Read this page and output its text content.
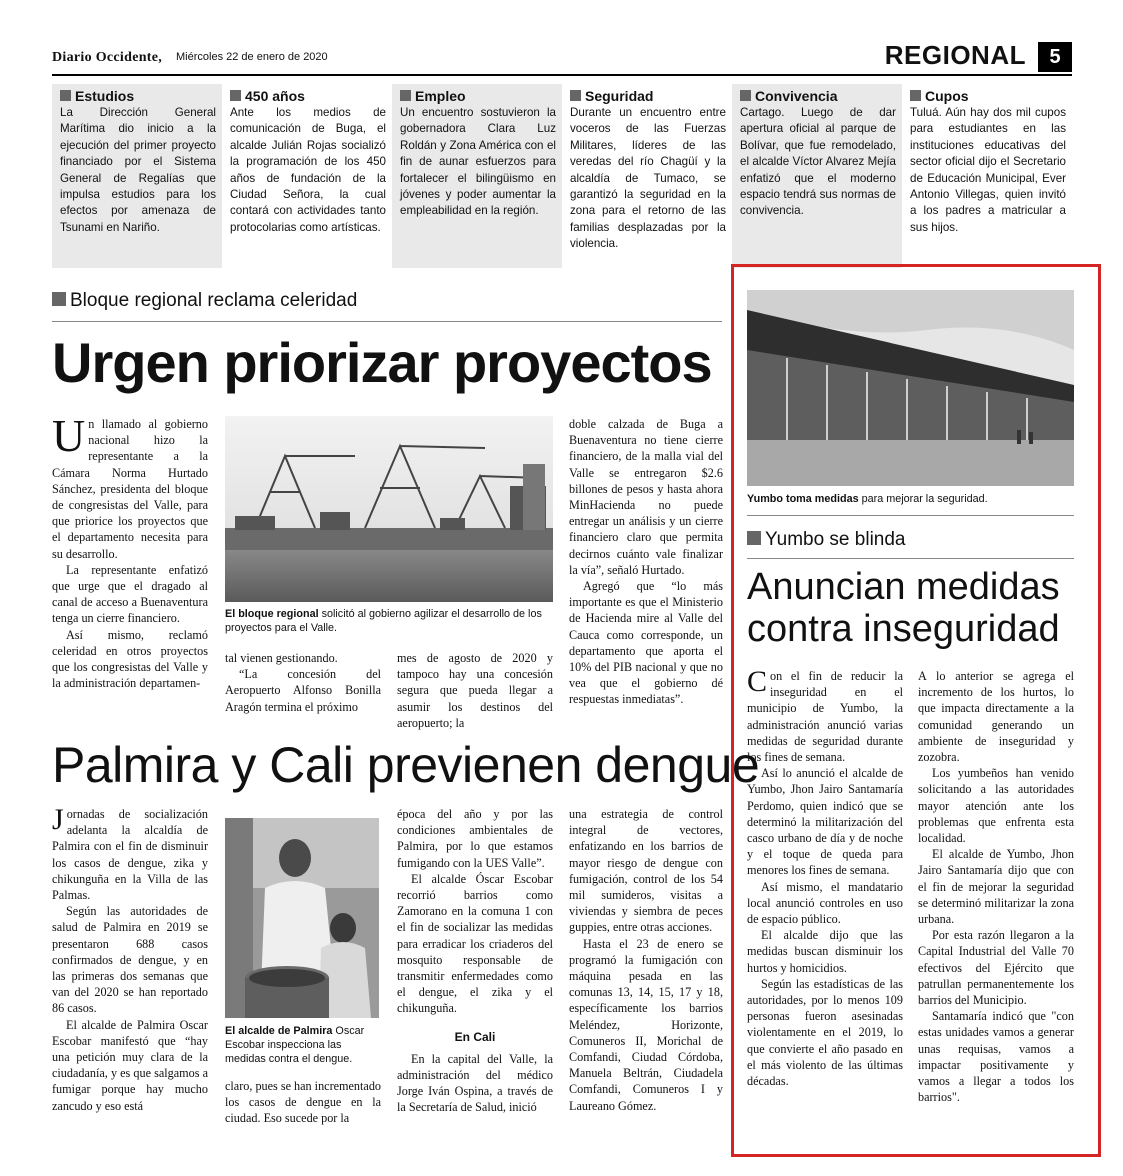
Diario Occidente, Miércoles 22 de enero de 2020	REGIONAL	5
Estudios

La Dirección General Marítima dio inicio a la ejecución del primer proyecto financiado por el Sistema General de Regalías que impulsa estudios para los efectos por amenaza de Tsunami en Nariño.

450 años

Ante los medios de comunicación de Buga, el alcalde Julián Rojas socializó la programación de los 450 años de fundación de la Ciudad Señora, la cual contará con actividades tanto protocolarias como artísticas.

Empleo

Un encuentro sostuvieron la gobernadora Clara Luz Roldán y Zona América con el fin de aunar esfuerzos para fortalecer el bilingüismo en jóvenes y poder aumentar la empleabilidad en la región.

Seguridad

Durante un encuentro entre voceros de las Fuerzas Militares, líderes de las veredas del río Chagüí y la alcaldía de Tumaco, se garantizó la seguridad en la zona para el retorno de las familias desplazadas por la violencia.

Convivencia

Cartago. Luego de dar apertura oficial al parque de Bolívar, que fue remodelado, el alcalde Víctor Alvarez Mejía enfatizó que el moderno espacio tendrá sus normas de convivencia.

Cupos

Tuluá. Aún hay dos mil cupos para estudiantes en las instituciones educativas del sector oficial dijo el Secretario de Educación Municipal, Ever Antonio Villegas, quien invitó a los padres a matricular a sus hijos.

Bloque regional reclama celeridad
Urgen priorizar proyectos

Un llamado al gobierno nacional hizo la representante a la Cámara Norma Hurtado Sánchez, presidenta del bloque de congresistas del Valle, para que priorice los proyectos que el departamento necesita para su desarrollo.

La representante enfatizó que urge que el dragado al canal de acceso a Buenaventura tenga un cierre financiero.

Así mismo, reclamó celeridad en otros proyectos que los congresistas del Valle y la administración departamen-

El bloque regional solicitó al gobierno agilizar el desarrollo de los proyectos para el Valle.

tal vienen gestionando.

“La concesión del Aeropuerto Alfonso Bonilla Aragón termina el próximo

mes de agosto de 2020 y tampoco hay una concesión segura que pueda llegar a asumir los destinos del aeropuerto; la

doble calzada de Buga a Buenaventura no tiene cierre financiero, de la malla vial del Valle se entregaron $2.6 billones de pesos y hasta ahora MinHacienda no puede entregar un análisis y un cierre financiero claro que permita decirnos cuánto vale finalizar la vía”, señaló Hurtado.

Agregó que “lo más importante es que el Ministerio de Hacienda mire al Valle del Cauca como corresponde, un departamento que aporta el 10% del PIB nacional y que no vea que el gobierno dé respuestas inmediatas”.

Palmira y Cali previenen dengue

Jornadas de socialización adelanta la alcaldía de Palmira con el fin de disminuir los casos de dengue, zika y chikunguña en la Villa de las Palmas.

Según las autoridades de salud de Palmira en 2019 se presentaron 688 casos confirmados de dengue, y en las primeras dos semanas que van del 2020 se han reportado 86 casos.

El alcalde de Palmira Oscar Escobar manifestó que “hay una petición muy clara de la ciudadanía, y es que salgamos a fumigar porque hay mucho zancudo y eso está

El alcalde de Palmira Oscar Escobar inspecciona las medidas contra el dengue.

claro, pues se han incrementado los casos de dengue en la ciudad. Eso sucede por la

época del año y por las condiciones ambientales de Palmira, por lo que estamos fumigando con la UES Valle”.

El alcalde Óscar Escobar recorrió barrios como Zamorano en la comuna 1 con el fin de socializar las medidas para erradicar los criaderos del mosquito responsable de transmitir enfermedades como el dengue, el zika y el chikunguña.

En Cali

En la capital del Valle, la administración del médico Jorge Iván Ospina, a través de la Secretaría de Salud, inició

una estrategia de control integral de vectores, enfatizando en los barrios de mayor riesgo de dengue con fumigación, control de los 54 mil sumideros, visitas a viviendas y siembra de peces guppies, entre otras acciones.

Hasta el 23 de enero se programó la fumigación con máquina pesada en las comunas 13, 14, 15, 17 y 18, específicamente los barrios Meléndez, Horizonte, Comuneros II, Morichal de Comfandi, Ciudad Córdoba, Manuela Beltrán, Ciudadela Comfandi, Comuneros I y Laureano Gómez.

Yumbo toma medidas para mejorar la seguridad.
Yumbo se blinda
Anuncian medidas contra inseguridad

Con el fin de reducir la inseguridad en el municipio de Yumbo, la administración anunció varias medidas de seguridad durante los fines de semana.

Así lo anunció el alcalde de Yumbo, Jhon Jairo Santamaría Perdomo, quien indicó que se determinó la militarización del casco urbano de día y de noche y el toque de queda para menores los fines de semana.

Así mismo, el mandatario local anunció controles en uso de espacio público.

El alcalde dijo que las medidas buscan disminuir los hurtos y homicidios.

Según las estadísticas de las autoridades, por lo menos 109 personas fueron asesinadas violentamente en el 2019, lo que convierte el año pasado en el más violento de las últimas décadas.

A lo anterior se agrega el incremento de los hurtos, lo que impacta directamente a la comunidad generando un ambiente de inseguridad y zozobra.

Los yumbeños han venido solicitando a las autoridades mayor atención ante los problemas que enfrenta esta localidad.

El alcalde de Yumbo, Jhon Jairo Santamaría dijo que con el fin de mejorar la seguridad se determinó militarizar la zona urbana.

Por esta razón llegaron a la Capital Industrial del Valle 70 efectivos del Ejército que patrullan permanentemente los barrios del Municipio.

Santamaría indicó que "con estas unidades vamos a generar unas requisas, vamos a impactar positivamente y vamos a llegar a todos los barrios".
